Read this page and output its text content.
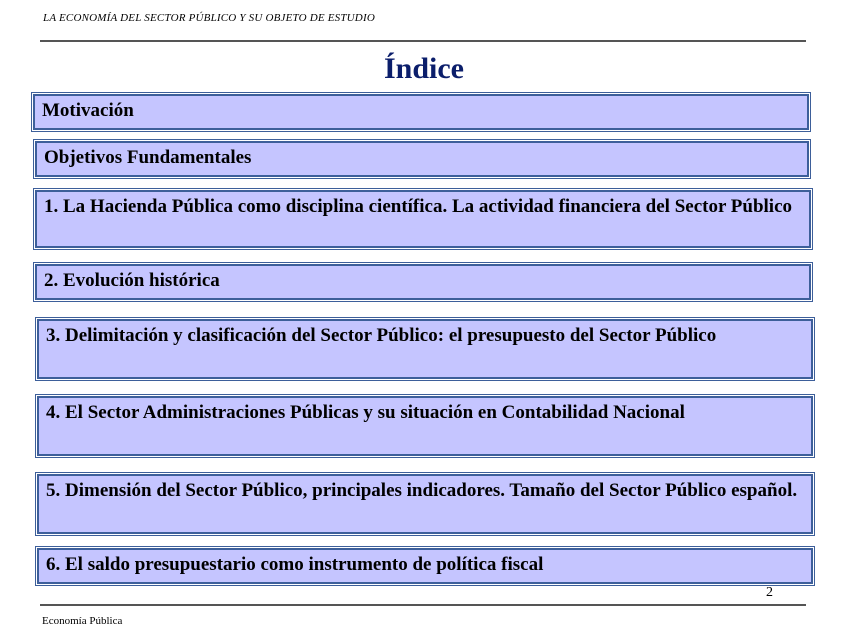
LA ECONOMÍA DEL SECTOR PÚBLICO Y SU OBJETO DE ESTUDIO
Índice
Motivación
Objetivos Fundamentales
1. La Hacienda Pública como disciplina científica. La actividad financiera del Sector Público
2. Evolución histórica
3. Delimitación y clasificación del Sector Público: el presupuesto del Sector Público
4. El Sector Administraciones Públicas y su situación en Contabilidad Nacional
5. Dimensión del Sector Público, principales indicadores. Tamaño del Sector Público español.
6. El saldo presupuestario como instrumento de política fiscal
2
Economía Pública
